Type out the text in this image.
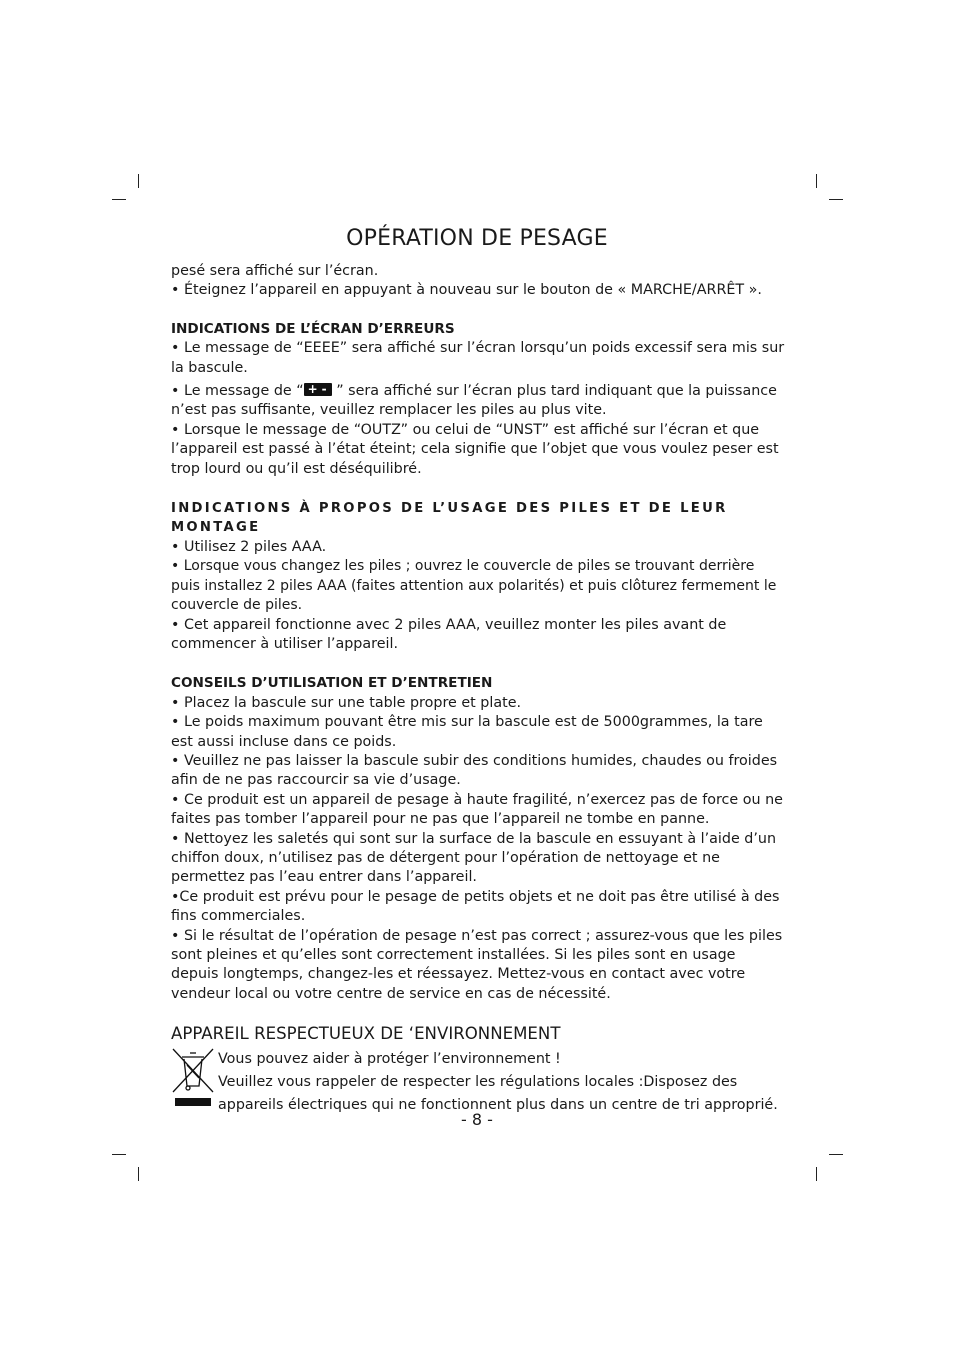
OPÉRATION DE PESAGE

pesé sera affiché sur l’écran.

• Éteignez l’appareil en appuyant à nouveau sur le bouton de « MARCHE/ARRÊT ».

INDICATIONS DE L’ÉCRAN D’ERREURS

• Le message de “EEEE” sera affiché sur l’écran lorsqu’un poids excessif sera mis sur la bascule.

• Le message de “ + - ” sera affiché sur l’écran plus tard indiquant que la puissance n’est pas suffisante, veuillez remplacer les piles au plus vite.

• Lorsque le message de “OUTZ” ou celui de “UNST” est affiché sur l’écran et que l’appareil est passé à l’état éteint; cela signifie que l’objet que vous voulez peser est trop lourd ou qu’il est déséquilibré.

INDICATIONS À PROPOS DE L’USAGE DES PILES ET DE LEUR MONTAGE

• Utilisez 2 piles AAA.

• Lorsque vous changez les piles ; ouvrez le couvercle de piles se trouvant derrière puis installez 2 piles AAA (faites attention aux polarités) et puis clôturez fermement le couvercle de piles.

• Cet appareil fonctionne avec 2 piles AAA, veuillez monter les piles avant de commencer à utiliser l’appareil.

CONSEILS D’UTILISATION ET D’ENTRETIEN

• Placez la bascule sur une table propre et plate.

• Le poids maximum pouvant être mis sur la bascule est de 5000grammes, la tare est aussi incluse dans ce poids.

• Veuillez ne pas laisser la bascule subir des conditions humides, chaudes ou froides afin de ne pas raccourcir sa vie d’usage.

• Ce produit est un appareil de pesage à haute fragilité, n’exercez pas de force ou ne faites pas tomber l’appareil pour ne pas que l’appareil ne tombe en panne.

• Nettoyez les saletés qui sont sur la surface de la bascule en essuyant à l’aide d’un chiffon doux, n’utilisez pas de détergent pour l’opération de nettoyage et ne permettez pas l’eau entrer dans l’appareil.

•Ce produit est prévu pour le pesage de petits objets et ne doit pas être utilisé à des fins commerciales.

• Si le résultat de l’opération de pesage n’est pas correct ; assurez-vous que les piles sont pleines et qu’elles sont correctement installées. Si les piles sont en usage depuis longtemps, changez-les et réessayez. Mettez-vous en contact avec votre vendeur local ou votre centre de service en cas de nécessité.

APPAREIL RESPECTUEUX DE ‘ENVIRONNEMENT

Vous pouvez aider à protéger l’environnement !

Veuillez vous rappeler de respecter les régulations locales :Disposez des appareils électriques qui ne fonctionnent plus dans un centre de tri approprié.

- 8 -
